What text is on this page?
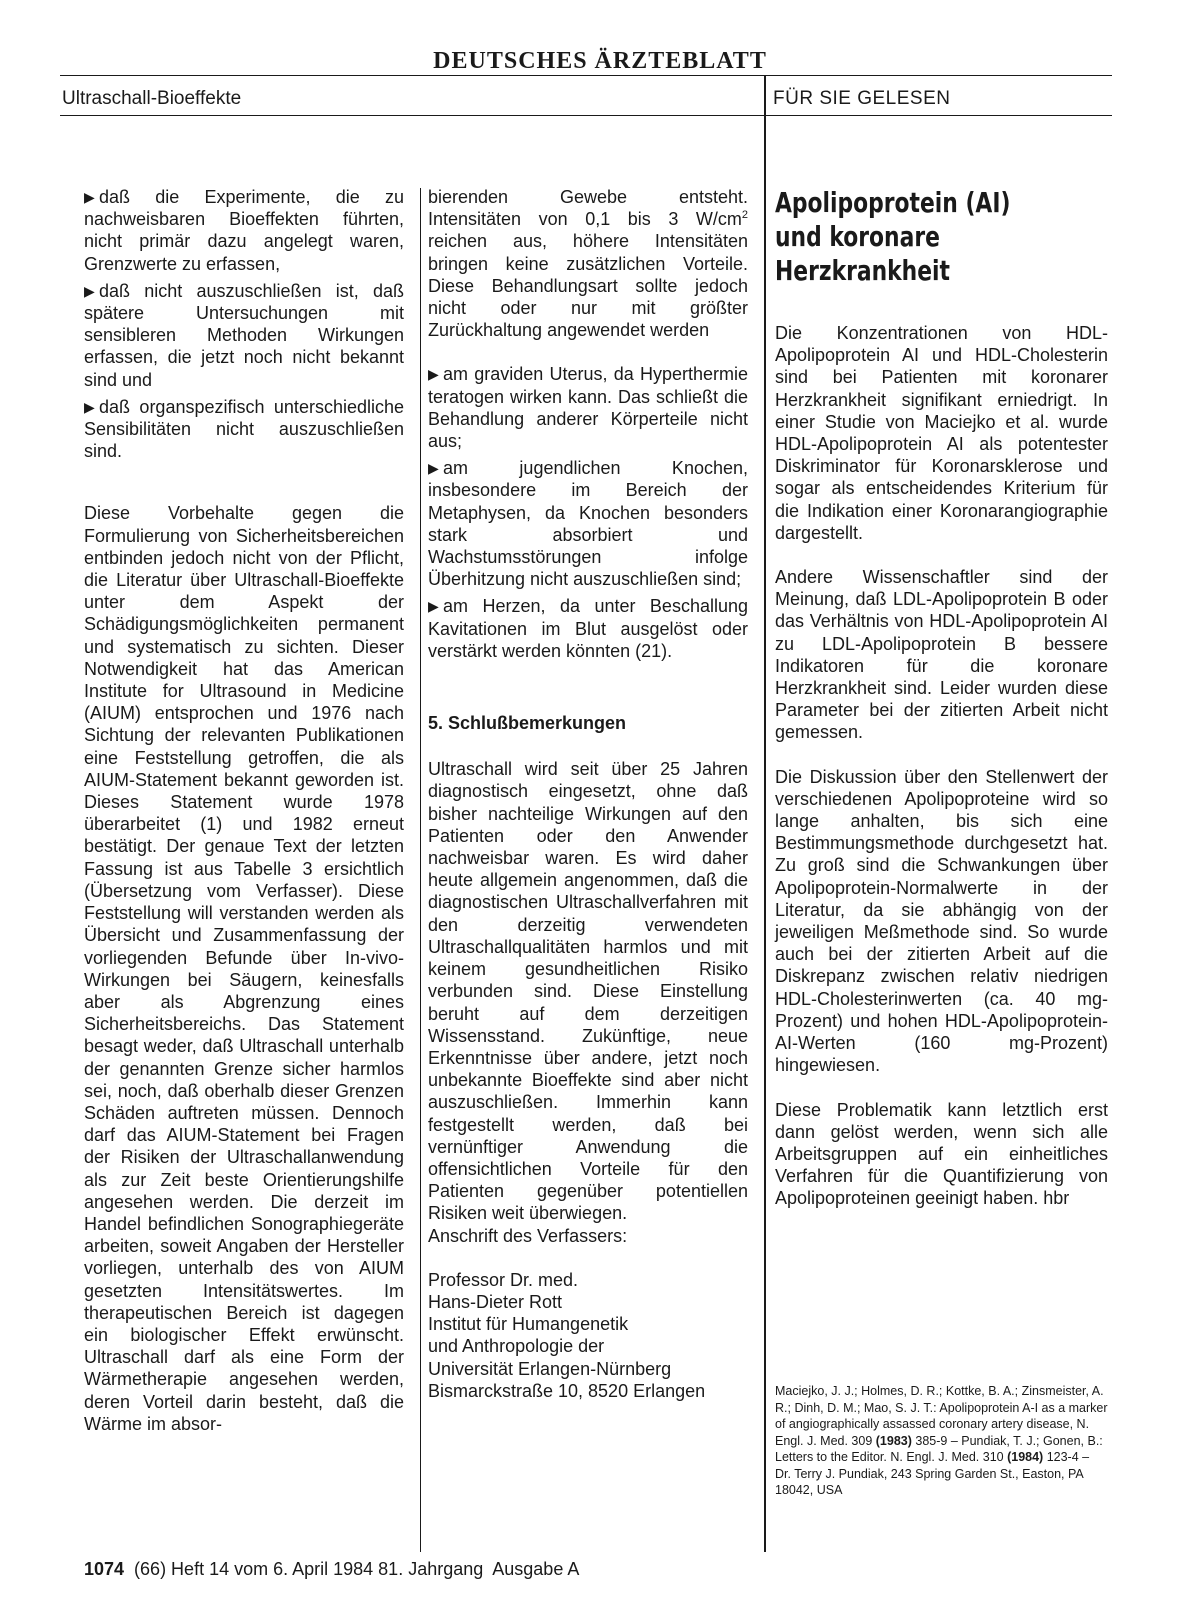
DEUTSCHES ÄRZTEBLATT
Ultraschall-Bioeffekte	FÜR SIE GELESEN

▶ daß die Experimente, die zu nachweisbaren Bioeffekten führten, nicht primär dazu angelegt waren, Grenzwerte zu erfassen,

▶ daß nicht auszuschließen ist, daß spätere Untersuchungen mit sensibleren Methoden Wirkungen erfassen, die jetzt noch nicht bekannt sind und

▶ daß organspezifisch unterschiedliche Sensibilitäten nicht auszuschließen sind.

Diese Vorbehalte gegen die Formulierung von Sicherheitsbereichen entbinden jedoch nicht von der Pflicht, die Literatur über Ultraschall-Bioeffekte unter dem Aspekt der Schädigungsmöglichkeiten permanent und systematisch zu sichten. Dieser Notwendigkeit hat das American Institute for Ultrasound in Medicine (AIUM) entsprochen und 1976 nach Sichtung der relevanten Publikationen eine Feststellung getroffen, die als AIUM-Statement bekannt geworden ist. Dieses Statement wurde 1978 überarbeitet (1) und 1982 erneut bestätigt. Der genaue Text der letzten Fassung ist aus Tabelle 3 ersichtlich (Übersetzung vom Verfasser). Diese Feststellung will verstanden werden als Übersicht und Zusammenfassung der vorliegenden Befunde über In-vivo-Wirkungen bei Säugern, keinesfalls aber als Abgrenzung eines Sicherheitsbereichs. Das Statement besagt weder, daß Ultraschall unterhalb der genannten Grenze sicher harmlos sei, noch, daß oberhalb dieser Grenzen Schäden auftreten müssen. Dennoch darf das AIUM-Statement bei Fragen der Risiken der Ultraschallanwendung als zur Zeit beste Orientierungshilfe angesehen werden. Die derzeit im Handel befindlichen Sonographiegeräte arbeiten, soweit Angaben der Hersteller vorliegen, unterhalb des von AIUM gesetzten Intensitätswertes. Im therapeutischen Bereich ist dagegen ein biologischer Effekt erwünscht. Ultraschall darf als eine Form der Wärmetherapie angesehen werden, deren Vorteil darin besteht, daß die Wärme im absor-

bierenden Gewebe entsteht. Intensitäten von 0,1 bis 3 $W/cm^2$ reichen aus, höhere Intensitäten bringen keine zusätzlichen Vorteile. Diese Behandlungsart sollte jedoch nicht oder nur mit größter Zurückhaltung angewendet werden

▶ am graviden Uterus, da Hyperthermie teratogen wirken kann. Das schließt die Behandlung anderer Körperteile nicht aus;

▶ am jugendlichen Knochen, insbesondere im Bereich der Metaphysen, da Knochen besonders stark absorbiert und Wachstumsstörungen infolge Überhitzung nicht auszuschließen sind;

▶ am Herzen, da unter Beschallung Kavitationen im Blut ausgelöst oder verstärkt werden könnten (21).

5. Schlußbemerkungen

Ultraschall wird seit über 25 Jahren diagnostisch eingesetzt, ohne daß bisher nachteilige Wirkungen auf den Patienten oder den Anwender nachweisbar waren. Es wird daher heute allgemein angenommen, daß die diagnostischen Ultraschallverfahren mit den derzeitig verwendeten Ultraschallqualitäten harmlos und mit keinem gesundheitlichen Risiko verbunden sind. Diese Einstellung beruht auf dem derzeitigen Wissensstand. Zukünftige, neue Erkenntnisse über andere, jetzt noch unbekannte Bioeffekte sind aber nicht auszuschließen. Immerhin kann festgestellt werden, daß bei vernünftiger Anwendung die offensichtlichen Vorteile für den Patienten gegenüber potentiellen Risiken weit überwiegen.

Anschrift des Verfassers:

Professor Dr. med.

Hans-Dieter Rott

Institut für Humangenetik

und Anthropologie der

Universität Erlangen-Nürnberg

Bismarckstraße 10, 8520 Erlangen

Apolipoprotein (AI)
und koronare
Herzkrankheit

Die Konzentrationen von HDL-Apolipoprotein AI und HDL-Cholesterin sind bei Patienten mit koronarer Herzkrankheit signifikant erniedrigt. In einer Studie von Maciejko et al. wurde HDL-Apolipoprotein AI als potentester Diskriminator für Koronarsklerose und sogar als entscheidendes Kriterium für die Indikation einer Koronarangiographie dargestellt.

Andere Wissenschaftler sind der Meinung, daß LDL-Apolipoprotein B oder das Verhältnis von HDL-Apolipoprotein AI zu LDL-Apolipoprotein B bessere Indikatoren für die koronare Herzkrankheit sind. Leider wurden diese Parameter bei der zitierten Arbeit nicht gemessen.

Die Diskussion über den Stellenwert der verschiedenen Apolipoproteine wird so lange anhalten, bis sich eine Bestimmungsmethode durchgesetzt hat. Zu groß sind die Schwankungen über Apolipoprotein-Normalwerte in der Literatur, da sie abhängig von der jeweiligen Meßmethode sind. So wurde auch bei der zitierten Arbeit auf die Diskrepanz zwischen relativ niedrigen HDL-Cholesterinwerten (ca. 40 mg-Prozent) und hohen HDL-Apolipoprotein-AI-Werten (160 mg-Prozent) hingewiesen.

Diese Problematik kann letztlich erst dann gelöst werden, wenn sich alle Arbeitsgruppen auf ein einheitliches Verfahren für die Quantifizierung von Apolipoproteinen geeinigt haben. hbr

Maciejko, J. J.; Holmes, D. R.; Kottke, B. A.; Zinsmeister, A. R.; Dinh, D. M.; Mao, S. J. T.: Apolipoprotein A-I as a marker of angiographically assassed coronary artery disease, N. Engl. J. Med. 309 (1983) 385-9 – Pundiak, T. J.; Gonen, B.: Letters to the Editor. N. Engl. J. Med. 310 (1984) 123-4 – Dr. Terry J. Pundiak, 243 Spring Garden St., Easton, PA 18042, USA

1074  (66) Heft 14 vom 6. April 1984 81. Jahrgang  Ausgabe A
